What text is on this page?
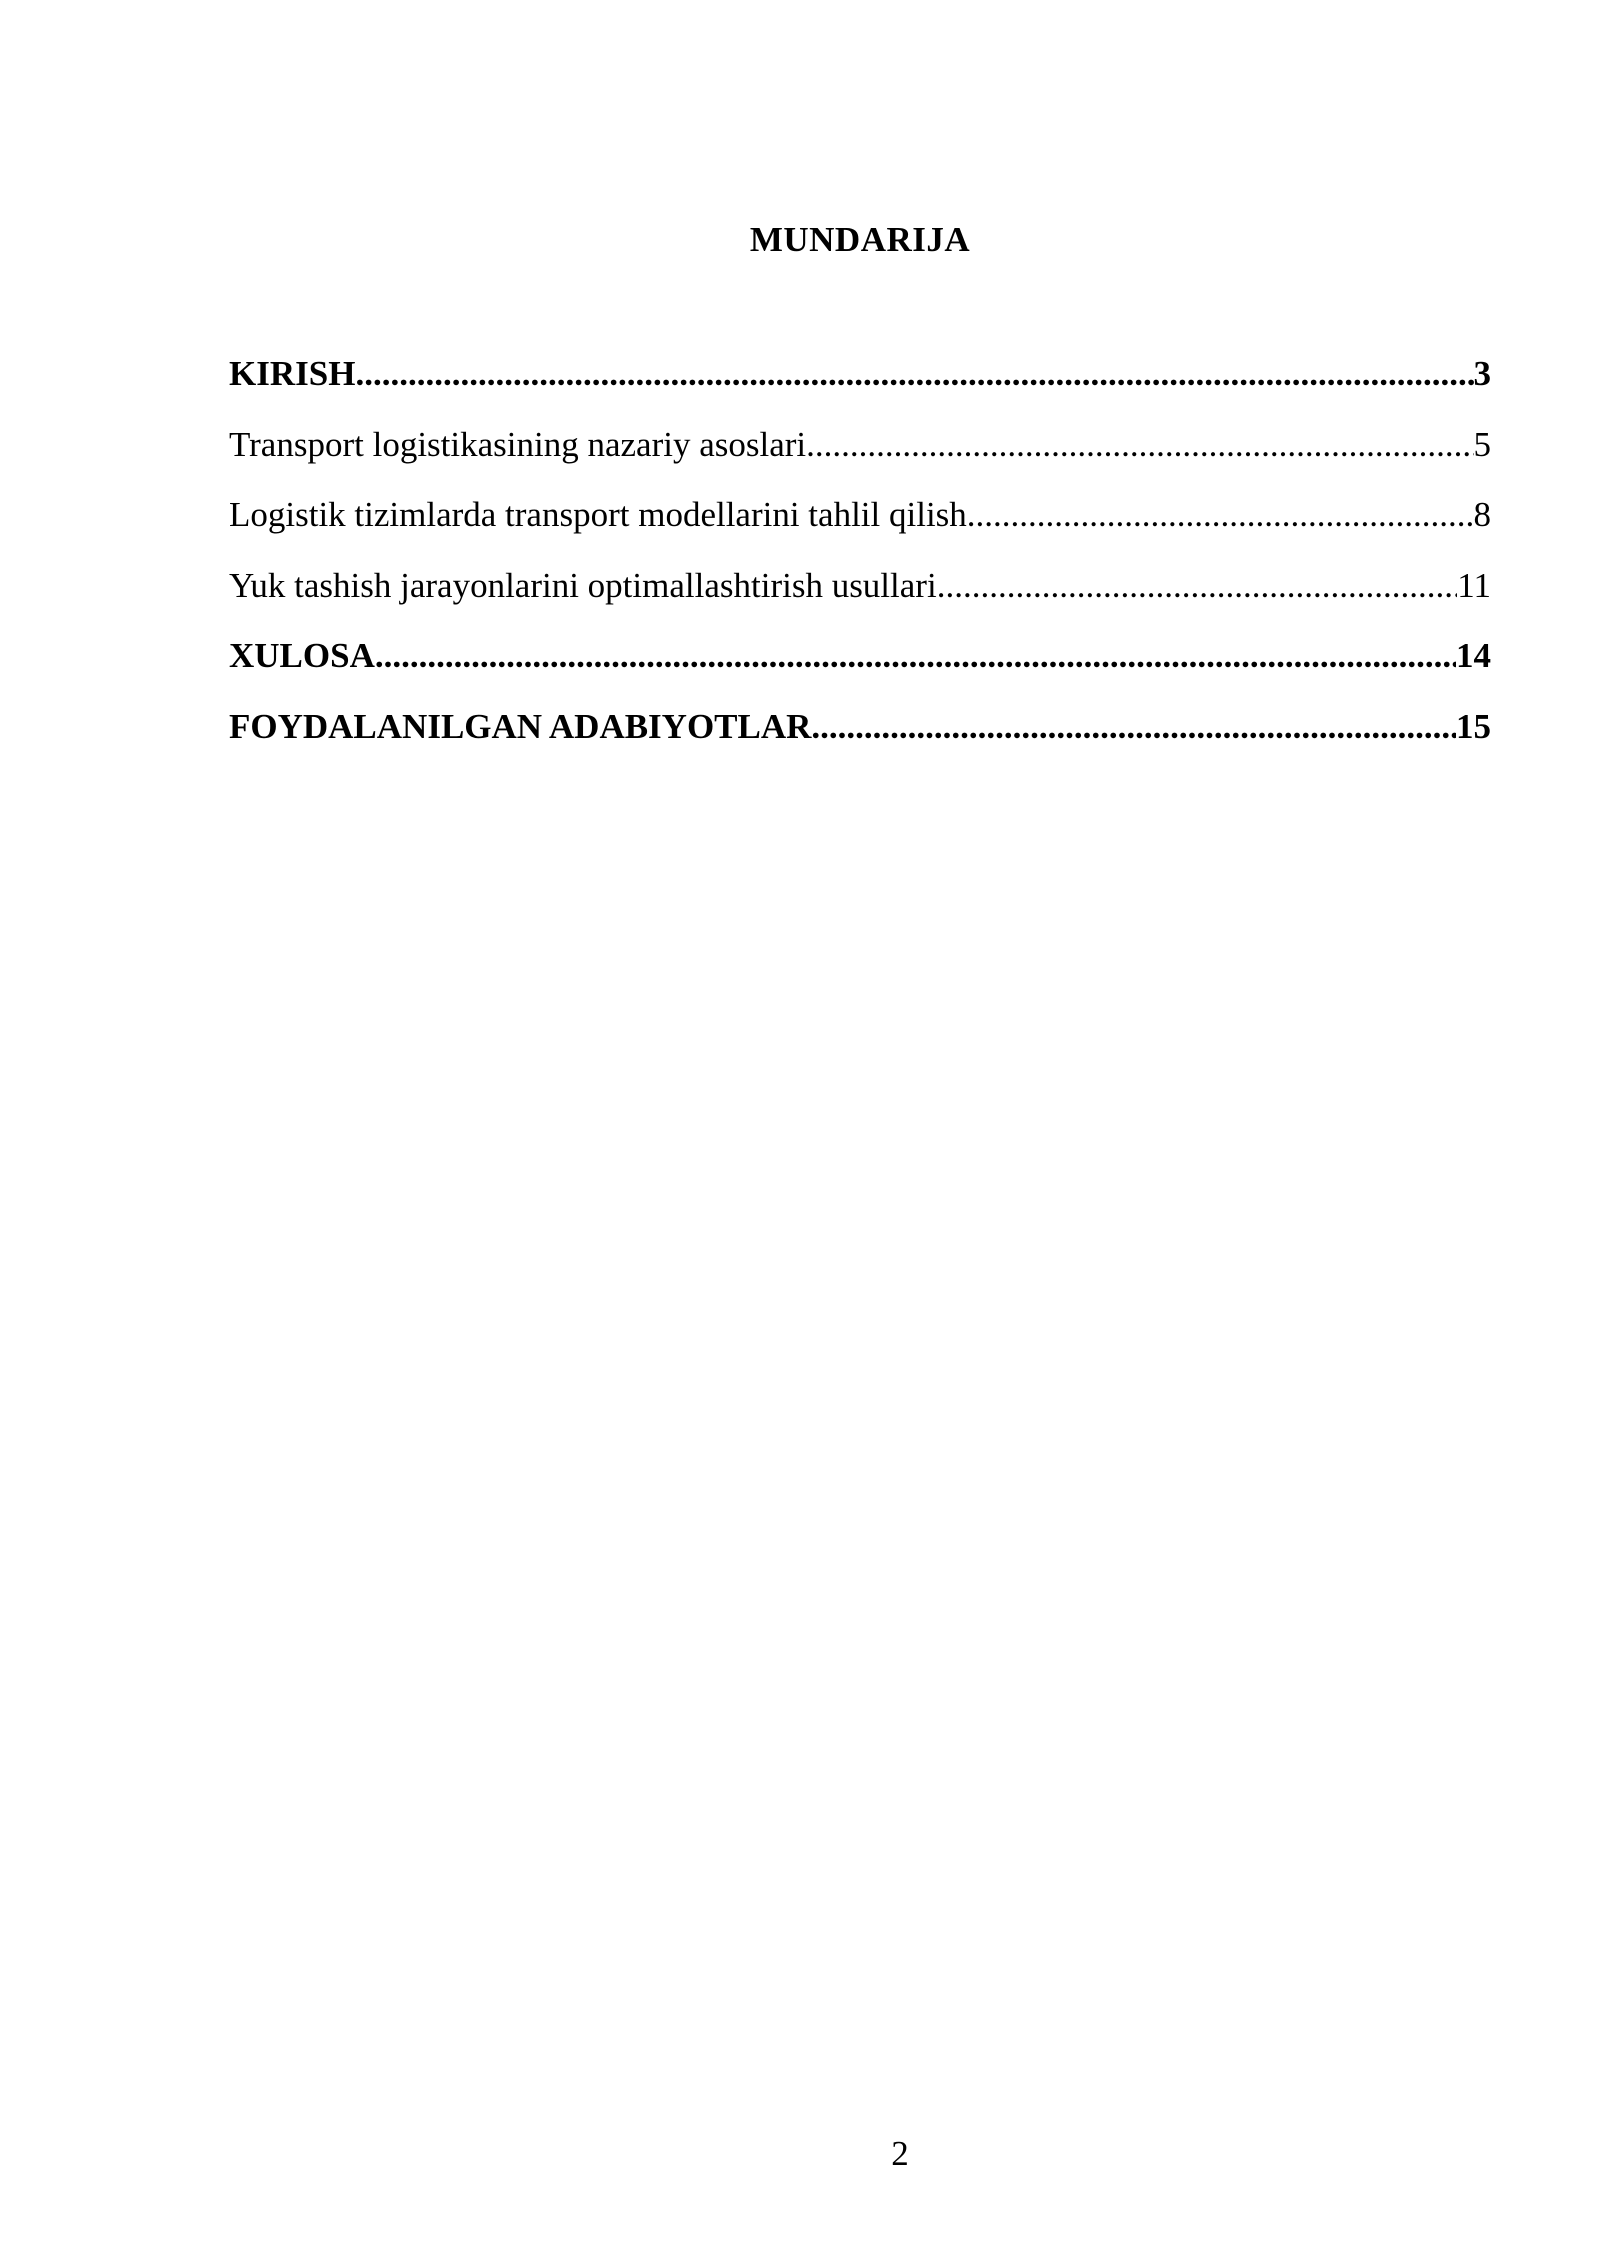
MUNDARIJA
KIRISH .....	3
Transport logistikasining nazariy asoslari .....	5
Logistik tizimlarda transport modellarini tahlil qilish .....	8
Yuk tashish jarayonlarini optimallashtirish usullari .....	11
XULOSA .....	14
FOYDALANILGAN ADABIYOTLAR .....	15
2
